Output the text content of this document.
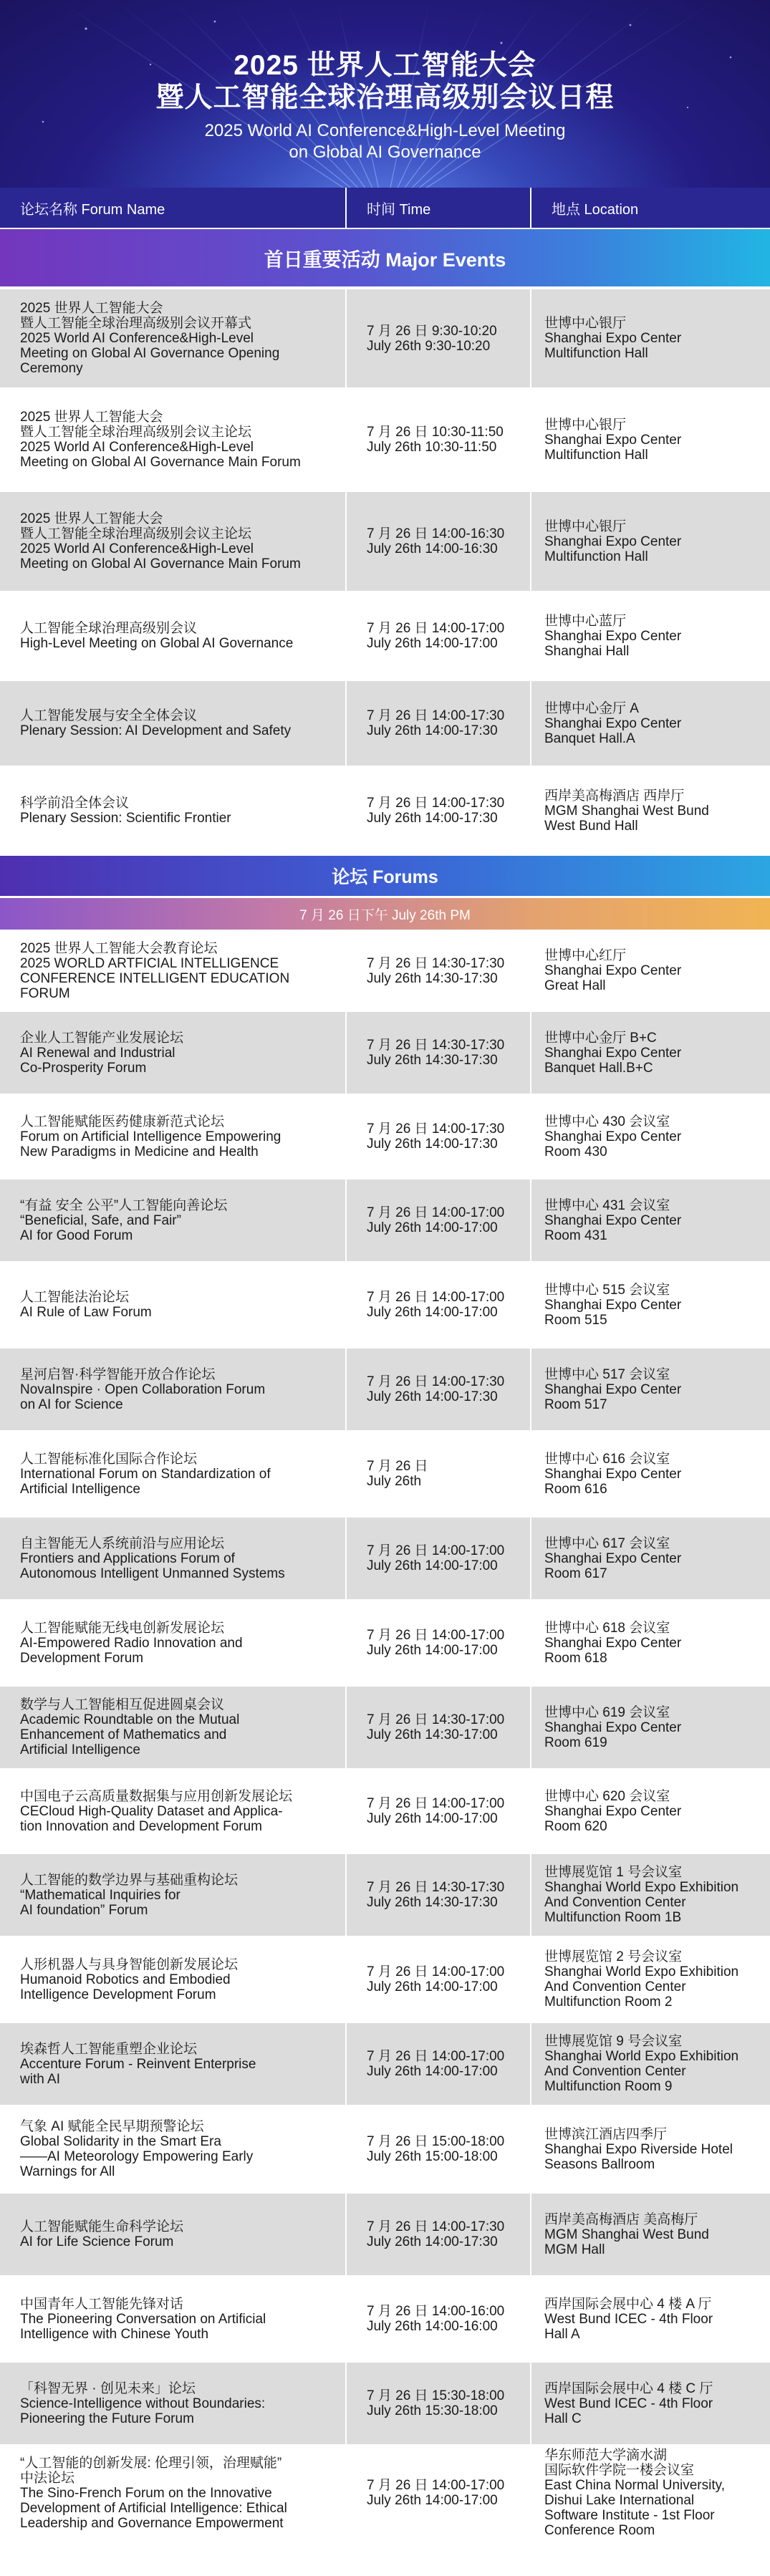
2025 世界人工智能大会
暨人工智能全球治理高级别会议日程
2025 World AI Conference&High-Level Meeting
on Global AI Governance
论坛名称 Forum Name	时间 Time	地点 Location
首日重要活动 Major Events
2025 世界人工智能大会
暨人工智能全球治理高级别会议开幕式
2025 World AI Conference&High-Level
Meeting on Global AI Governance Opening
Ceremony
7 月 26 日 9:30-10:20
July 26th 9:30-10:20
世博中心银厅
Shanghai Expo Center
Multifunction Hall
2025 世界人工智能大会
暨人工智能全球治理高级别会议主论坛
2025 World AI Conference&High-Level
Meeting on Global AI Governance Main Forum
7 月 26 日 10:30-11:50
July 26th 10:30-11:50
世博中心银厅
Shanghai Expo Center
Multifunction Hall
2025 世界人工智能大会
暨人工智能全球治理高级别会议主论坛
2025 World AI Conference&High-Level
Meeting on Global AI Governance Main Forum
7 月 26 日 14:00-16:30
July 26th 14:00-16:30
世博中心银厅
Shanghai Expo Center
Multifunction Hall
人工智能全球治理高级别会议
High-Level Meeting on Global AI Governance
7 月 26 日 14:00-17:00
July 26th 14:00-17:00
世博中心蓝厅
Shanghai Expo Center
Shanghai Hall
人工智能发展与安全全体会议
Plenary Session: AI Development and Safety
7 月 26 日 14:00-17:30
July 26th 14:00-17:30
世博中心金厅 A
Shanghai Expo Center
Banquet Hall.A
科学前沿全体会议
Plenary Session: Scientific Frontier
7 月 26 日 14:00-17:30
July 26th 14:00-17:30
西岸美高梅酒店 西岸厅
MGM Shanghai West Bund
West Bund Hall
论坛 Forums
7 月 26 日下午 July 26th PM
2025 世界人工智能大会教育论坛
2025 WORLD ARTFICIAL INTELLIGENCE
CONFERENCE INTELLIGENT EDUCATION
FORUM
7 月 26 日 14:30-17:30
July 26th 14:30-17:30
世博中心红厅
Shanghai Expo Center
Great Hall
企业人工智能产业发展论坛
AI Renewal and Industrial
Co-Prosperity Forum
7 月 26 日 14:30-17:30
July 26th 14:30-17:30
世博中心金厅 B+C
Shanghai Expo Center
Banquet Hall.B+C
人工智能赋能医药健康新范式论坛
Forum on Artificial Intelligence Empowering
New Paradigms in Medicine and Health
7 月 26 日 14:00-17:30
July 26th 14:00-17:30
世博中心 430 会议室
Shanghai Expo Center
Room 430
“有益 安全 公平”人工智能向善论坛
“Beneficial, Safe, and Fair”
AI for Good Forum
7 月 26 日 14:00-17:00
July 26th 14:00-17:00
世博中心 431 会议室
Shanghai Expo Center
Room 431
人工智能法治论坛
AI Rule of Law Forum
7 月 26 日 14:00-17:00
July 26th 14:00-17:00
世博中心 515 会议室
Shanghai Expo Center
Room 515
星河启智·科学智能开放合作论坛
NovaInspire · Open Collaboration Forum
on AI for Science
7 月 26 日 14:00-17:30
July 26th 14:00-17:30
世博中心 517 会议室
Shanghai Expo Center
Room 517
人工智能标准化国际合作论坛
International Forum on Standardization of
Artificial Intelligence
7 月 26 日
July 26th
世博中心 616 会议室
Shanghai Expo Center
Room 616
自主智能无人系统前沿与应用论坛
Frontiers and Applications Forum of
Autonomous Intelligent Unmanned Systems
7 月 26 日 14:00-17:00
July 26th 14:00-17:00
世博中心 617 会议室
Shanghai Expo Center
Room 617
人工智能赋能无线电创新发展论坛
AI-Empowered Radio Innovation and
Development Forum
7 月 26 日 14:00-17:00
July 26th 14:00-17:00
世博中心 618 会议室
Shanghai Expo Center
Room 618
数学与人工智能相互促进圆桌会议
Academic Roundtable on the Mutual
Enhancement of Mathematics and
Artificial Intelligence
7 月 26 日 14:30-17:00
July 26th 14:30-17:00
世博中心 619 会议室
Shanghai Expo Center
Room 619
中国电子云高质量数据集与应用创新发展论坛
CECloud High-Quality Dataset and Applica-
tion Innovation and Development Forum
7 月 26 日 14:00-17:00
July 26th 14:00-17:00
世博中心 620 会议室
Shanghai Expo Center
Room 620
人工智能的数学边界与基础重构论坛
“Mathematical Inquiries for
AI foundation” Forum
7 月 26 日 14:30-17:30
July 26th 14:30-17:30
世博展览馆 1 号会议室
Shanghai World Expo Exhibition
And Convention Center
Multifunction Room 1B
人形机器人与具身智能创新发展论坛
Humanoid Robotics and Embodied
Intelligence Development Forum
7 月 26 日 14:00-17:00
July 26th 14:00-17:00
世博展览馆 2 号会议室
Shanghai World Expo Exhibition
And Convention Center
Multifunction Room 2
埃森哲人工智能重塑企业论坛
Accenture Forum - Reinvent Enterprise
with AI
7 月 26 日 14:00-17:00
July 26th 14:00-17:00
世博展览馆 9 号会议室
Shanghai World Expo Exhibition
And Convention Center
Multifunction Room 9
气象 AI 赋能全民早期预警论坛
Global Solidarity in the Smart Era
——AI Meteorology Empowering Early
Warnings for All
7 月 26 日 15:00-18:00
July 26th 15:00-18:00
世博滨江酒店四季厅
Shanghai Expo Riverside Hotel
Seasons Ballroom
人工智能赋能生命科学论坛
AI for Life Science Forum
7 月 26 日 14:00-17:30
July 26th 14:00-17:30
西岸美高梅酒店 美高梅厅
MGM Shanghai West Bund
MGM Hall
中国青年人工智能先锋对话
The Pioneering Conversation on Artificial
Intelligence with Chinese Youth
7 月 26 日 14:00-16:00
July 26th 14:00-16:00
西岸国际会展中心 4 楼 A 厅
West Bund ICEC - 4th Floor
Hall A
「科智无界 · 创见未来」论坛
Science-Intelligence without Boundaries:
Pioneering the Future Forum
7 月 26 日 15:30-18:00
July 26th 15:30-18:00
西岸国际会展中心 4 楼 C 厅
West Bund ICEC - 4th Floor
Hall C
“人工智能的创新发展: 伦理引领，治理赋能”
中法论坛
The Sino-French Forum on the Innovative
Development of Artificial Intelligence: Ethical
Leadership and Governance Empowerment
7 月 26 日 14:00-17:00
July 26th 14:00-17:00
华东师范大学滴水湖
国际软件学院一楼会议室
East China Normal University,
Dishui Lake International
Software Institute - 1st Floor
Conference Room
